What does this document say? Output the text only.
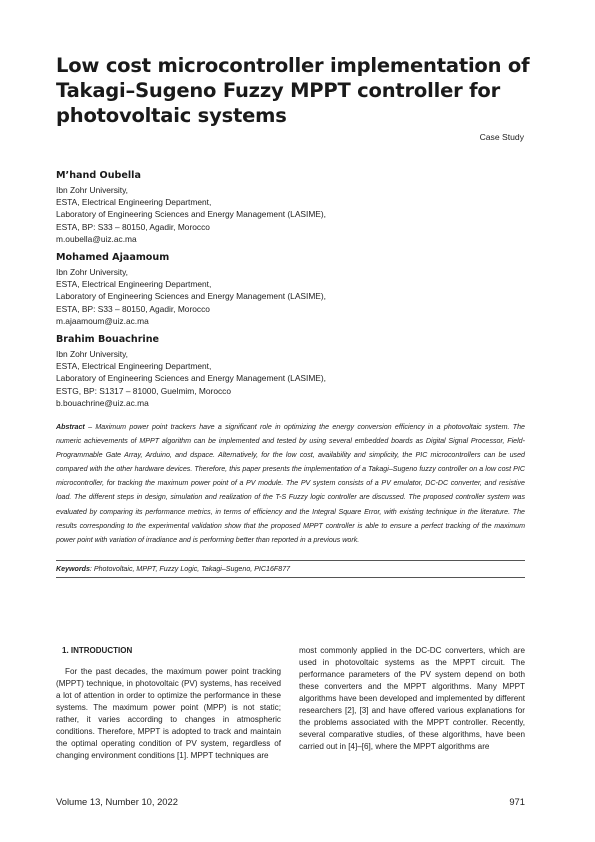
Low cost microcontroller implementation of
Takagi–Sugeno Fuzzy MPPT controller for
photovoltaic systems
Case Study
M’hand Oubella
Ibn Zohr University,
ESTA, Electrical Engineering Department,
Laboratory of Engineering Sciences and Energy Management (LASIME),
ESTA, BP: S33 – 80150, Agadir, Morocco
m.oubella@uiz.ac.ma
Mohamed Ajaamoum
Ibn Zohr University,
ESTA, Electrical Engineering Department,
Laboratory of Engineering Sciences and Energy Management (LASIME),
ESTA, BP: S33 – 80150, Agadir, Morocco
m.ajaamoum@uiz.ac.ma
Brahim Bouachrine
Ibn Zohr University,
ESTA, Electrical Engineering Department,
Laboratory of Engineering Sciences and Energy Management (LASIME),
ESTG, BP: S1317 – 81000, Guelmim, Morocco
b.bouachrine@uiz.ac.ma
Abstract – Maximum power point trackers have a significant role in optimizing the energy conversion efficiency in a photovoltaic system. The numeric achievements of MPPT algorithm can be implemented and tested by using several embedded boards as Digital Signal Processor, Field-Programmable Gate Array, Arduino, and dspace. Alternatively, for the low cost, availability and simplicity, the PIC microcontrollers can be used compared with the other hardware devices. Therefore, this paper presents the implementation of a Takagi–Sugeno fuzzy controller on a low cost PIC microcontroller, for tracking the maximum power point of a PV module. The PV system consists of a PV emulator, DC-DC converter, and resistive load. The different steps in design, simulation and realization of the T-S Fuzzy logic controller are discussed. The proposed controller system was evaluated by comparing its performance metrics, in terms of efficiency and the Integral Square Error, with existing technique in the literature. The results corresponding to the experimental validation show that the proposed MPPT controller is able to ensure a perfect tracking of the maximum power point with variation of irradiance and is performing better than reported in a previous work.
Keywords: Photovoltaic, MPPT, Fuzzy Logic, Takagi–Sugeno, PIC16F877
1. INTRODUCTION
For the past decades, the maximum power point tracking (MPPT) technique, in photovoltaic (PV) systems, has received a lot of attention in order to optimize the performance in these systems. The maximum power point (MPP) is not static; rather, it varies according to changes in atmospheric conditions. Therefore, MPPT is adopted to track and maintain the optimal operating condition of PV system, regardless of changing environment conditions [1]. MPPT techniques are
most commonly applied in the DC-DC converters, which are used in photovoltaic systems as the MPPT circuit. The performance parameters of the PV system depend on both these converters and the MPPT algorithms. Many MPPT algorithms have been developed and implemented by different researchers [2], [3] and have offered various explanations for the problems associated with the MPPT controller. Recently, several comparative studies, of these algorithms, have been carried out in [4]–[6], where the MPPT algorithms are
Volume 13, Number 10, 2022	971
